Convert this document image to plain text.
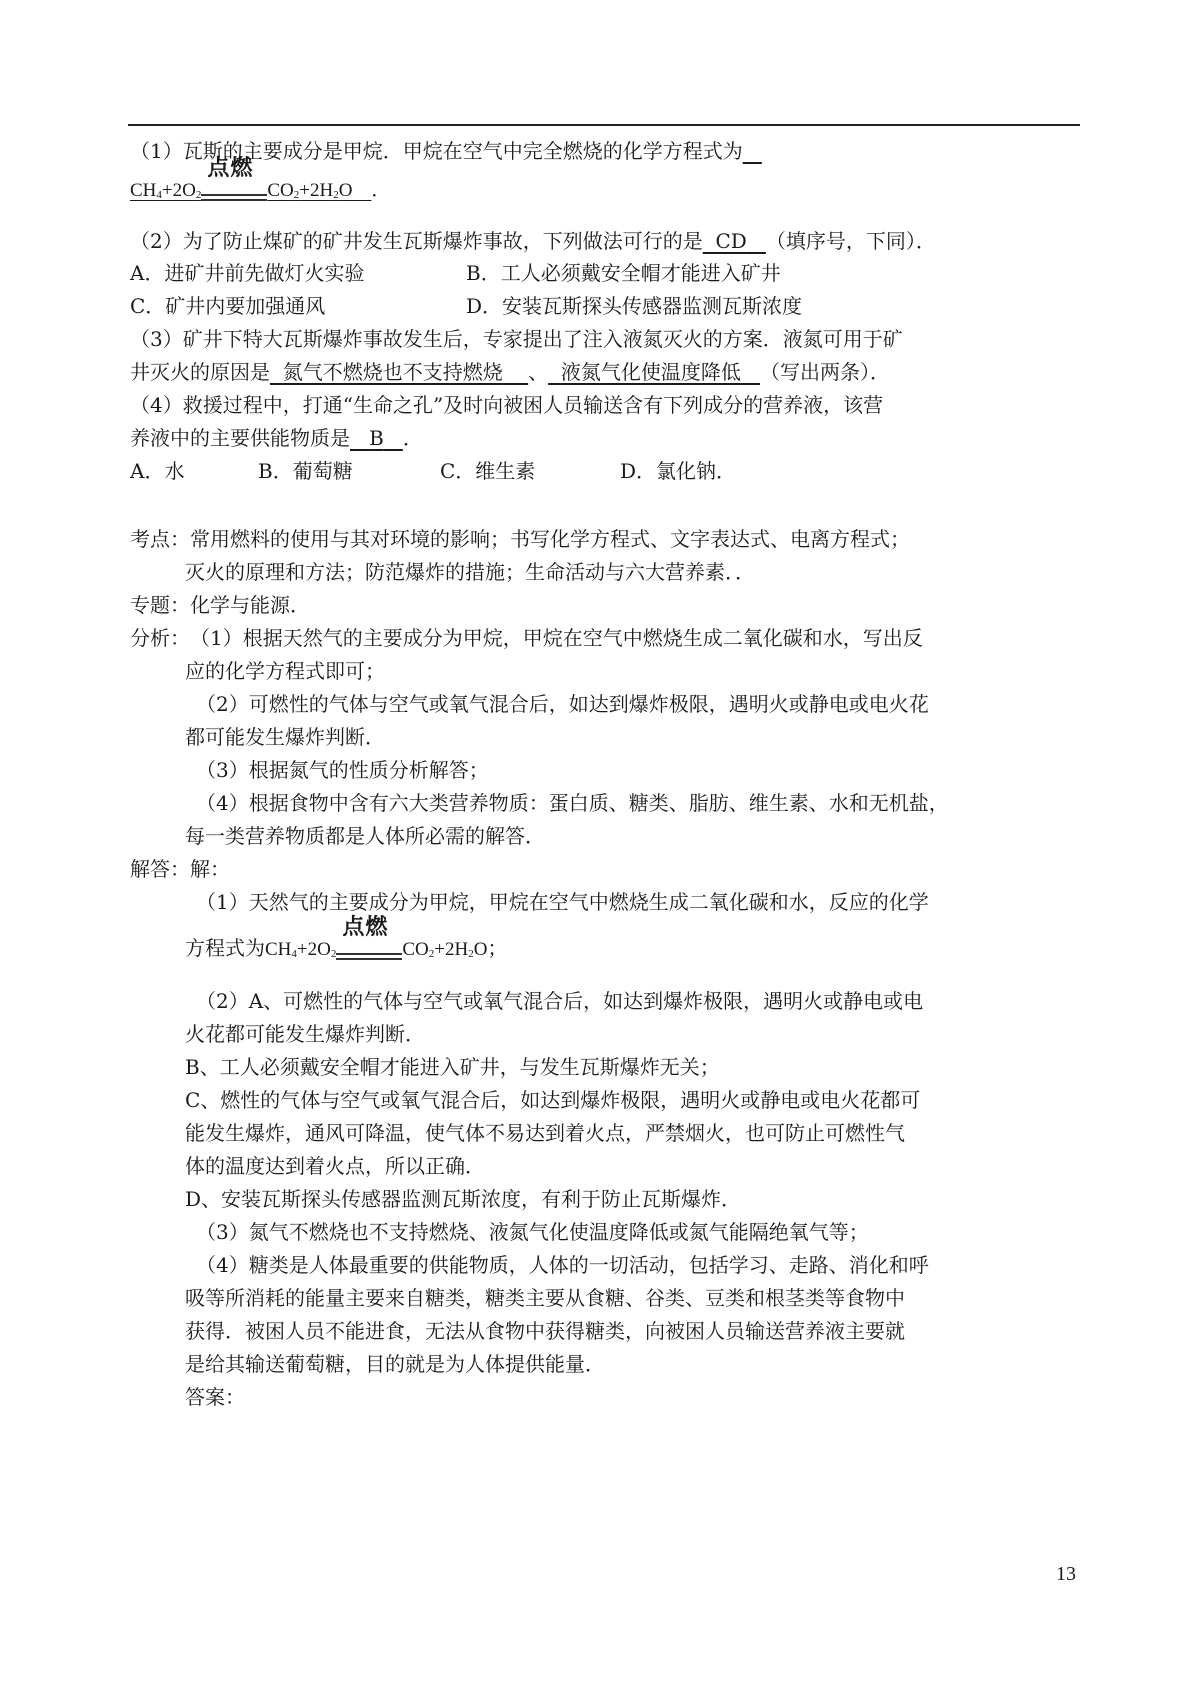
（1）瓦斯的主要成分是甲烷．甲烷在空气中完全燃烧的化学方程式为
$CH_4+2O_2$
点燃
$CO_2+2H_2O$ ．
（2）为了防止煤矿的矿井发生瓦斯爆炸事故，下列做法可行的是 CD （填序号，下同）．
A．进矿井前先做灯火实验	B．工人必须戴安全帽才能进入矿井
C．矿井内要加强通风	D．安装瓦斯探头传感器监测瓦斯浓度
（3）矿井下特大瓦斯爆炸事故发生后，专家提出了注入液氮灭火的方案．液氮可用于矿
井灭火的原因是 氮气不燃烧也不支持燃烧 、 液氮气化使温度降低 （写出两条）．
（4）救援过程中，打通“生命之孔”及时向被困人员输送含有下列成分的营养液，该营
养液中的主要供能物质是 B ．
A．水	B．葡萄糖	C．维生素	D．氯化钠．
考点：常用燃料的使用与其对环境的影响；书写化学方程式、文字表达式、电离方程式；
灭火的原理和方法；防范爆炸的措施；生命活动与六大营养素．．
专题：化学与能源．
分析：（1）根据天然气的主要成分为甲烷，甲烷在空气中燃烧生成二氧化碳和水，写出反
应的化学方程式即可；
（2）可燃性的气体与空气或氧气混合后，如达到爆炸极限，遇明火或静电或电火花
都可能发生爆炸判断．
（3）根据氮气的性质分析解答；
（4）根据食物中含有六大类营养物质：蛋白质、糖类、脂肪、维生素、水和无机盐，
每一类营养物质都是人体所必需的解答．
解答：解：
（1）天然气的主要成分为甲烷，甲烷在空气中燃烧生成二氧化碳和水，反应的化学
方程式为$CH_4+2O_2$
点燃
$CO_2+2H_2O$；
（2）A、可燃性的气体与空气或氧气混合后，如达到爆炸极限，遇明火或静电或电
火花都可能发生爆炸判断．
B、工人必须戴安全帽才能进入矿井，与发生瓦斯爆炸无关；
C、燃性的气体与空气或氧气混合后，如达到爆炸极限，遇明火或静电或电火花都可
能发生爆炸，通风可降温，使气体不易达到着火点，严禁烟火，也可防止可燃性气
体的温度达到着火点，所以正确．
D、安装瓦斯探头传感器监测瓦斯浓度，有利于防止瓦斯爆炸．
（3）氮气不燃烧也不支持燃烧、液氮气化使温度降低或氮气能隔绝氧气等；
（4）糖类是人体最重要的供能物质，人体的一切活动，包括学习、走路、消化和呼
吸等所消耗的能量主要来自糖类，糖类主要从食糖、谷类、豆类和根茎类等食物中
获得．被困人员不能进食，无法从食物中获得糖类，向被困人员输送营养液主要就
是给其输送葡萄糖，目的就是为人体提供能量．
答案：
13
